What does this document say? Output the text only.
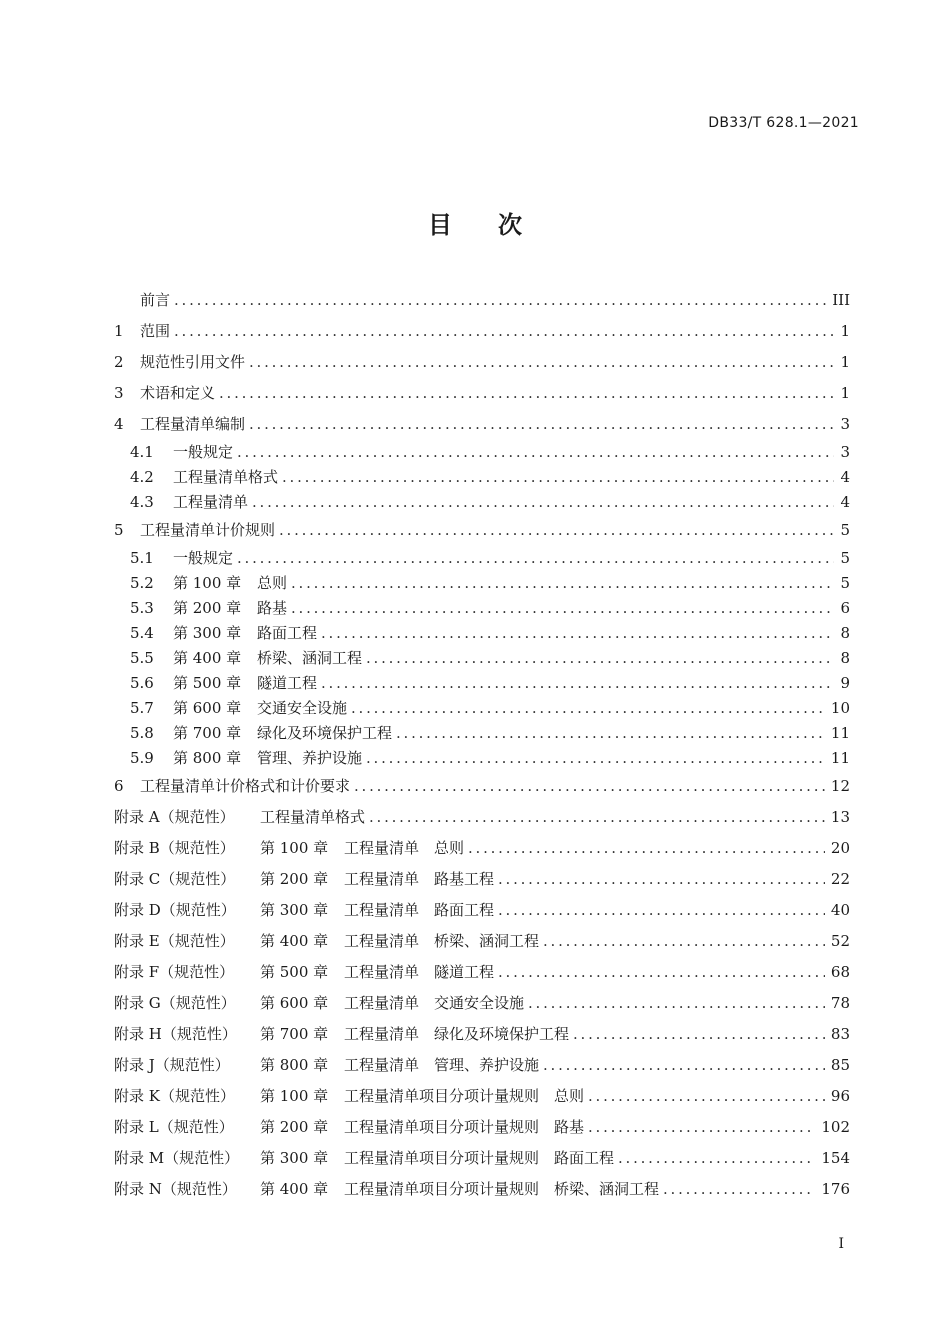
DB33/T 628.1—2021
目次
前言 . . .	III
1 范围 . . .	1
2 规范性引用文件 . . .	1
3 术语和定义 . . .	1
4 工程量清单编制 . . .	3
4.1 一般规定 . . .	3
4.2 工程量清单格式 . . .	4
4.3 工程量清单 . . .	4
5 工程量清单计价规则 . . .	5
5.1 一般规定 . . .	5
5.2 第 100 章 总则 . . .	5
5.3 第 200 章 路基 . . .	6
5.4 第 300 章 路面工程 . . .	8
5.5 第 400 章 桥梁、涵洞工程 . . .	8
5.6 第 500 章 隧道工程 . . .	9
5.7 第 600 章 交通安全设施 . . .	10
5.8 第 700 章 绿化及环境保护工程 . . .	11
5.9 第 800 章 管理、养护设施 . . .	11
6 工程量清单计价格式和计价要求 . . .	12
附录 A（规范性） 工程量清单格式 . . .	13
附录 B（规范性） 第 100 章 工程量清单　总则 . . .	20
附录 C（规范性） 第 200 章 工程量清单　路基工程 . . .	22
附录 D（规范性） 第 300 章 工程量清单　路面工程 . . .	40
附录 E（规范性） 第 400 章 工程量清单　桥梁、涵洞工程 . . .	52
附录 F（规范性） 第 500 章 工程量清单　隧道工程 . . .	68
附录 G（规范性） 第 600 章 工程量清单　交通安全设施 . . .	78
附录 H（规范性） 第 700 章 工程量清单　绿化及环境保护工程 . . .	83
附录 J（规范性） 第 800 章 工程量清单　管理、养护设施 . . .	85
附录 K（规范性） 第 100 章 工程量清单项目分项计量规则　总则 . . .	96
附录 L（规范性） 第 200 章 工程量清单项目分项计量规则　路基 . . .	102
附录 M（规范性） 第 300 章 工程量清单项目分项计量规则　路面工程 . . .	154
附录 N（规范性） 第 400 章 工程量清单项目分项计量规则　桥梁、涵洞工程 . . .	176
I
